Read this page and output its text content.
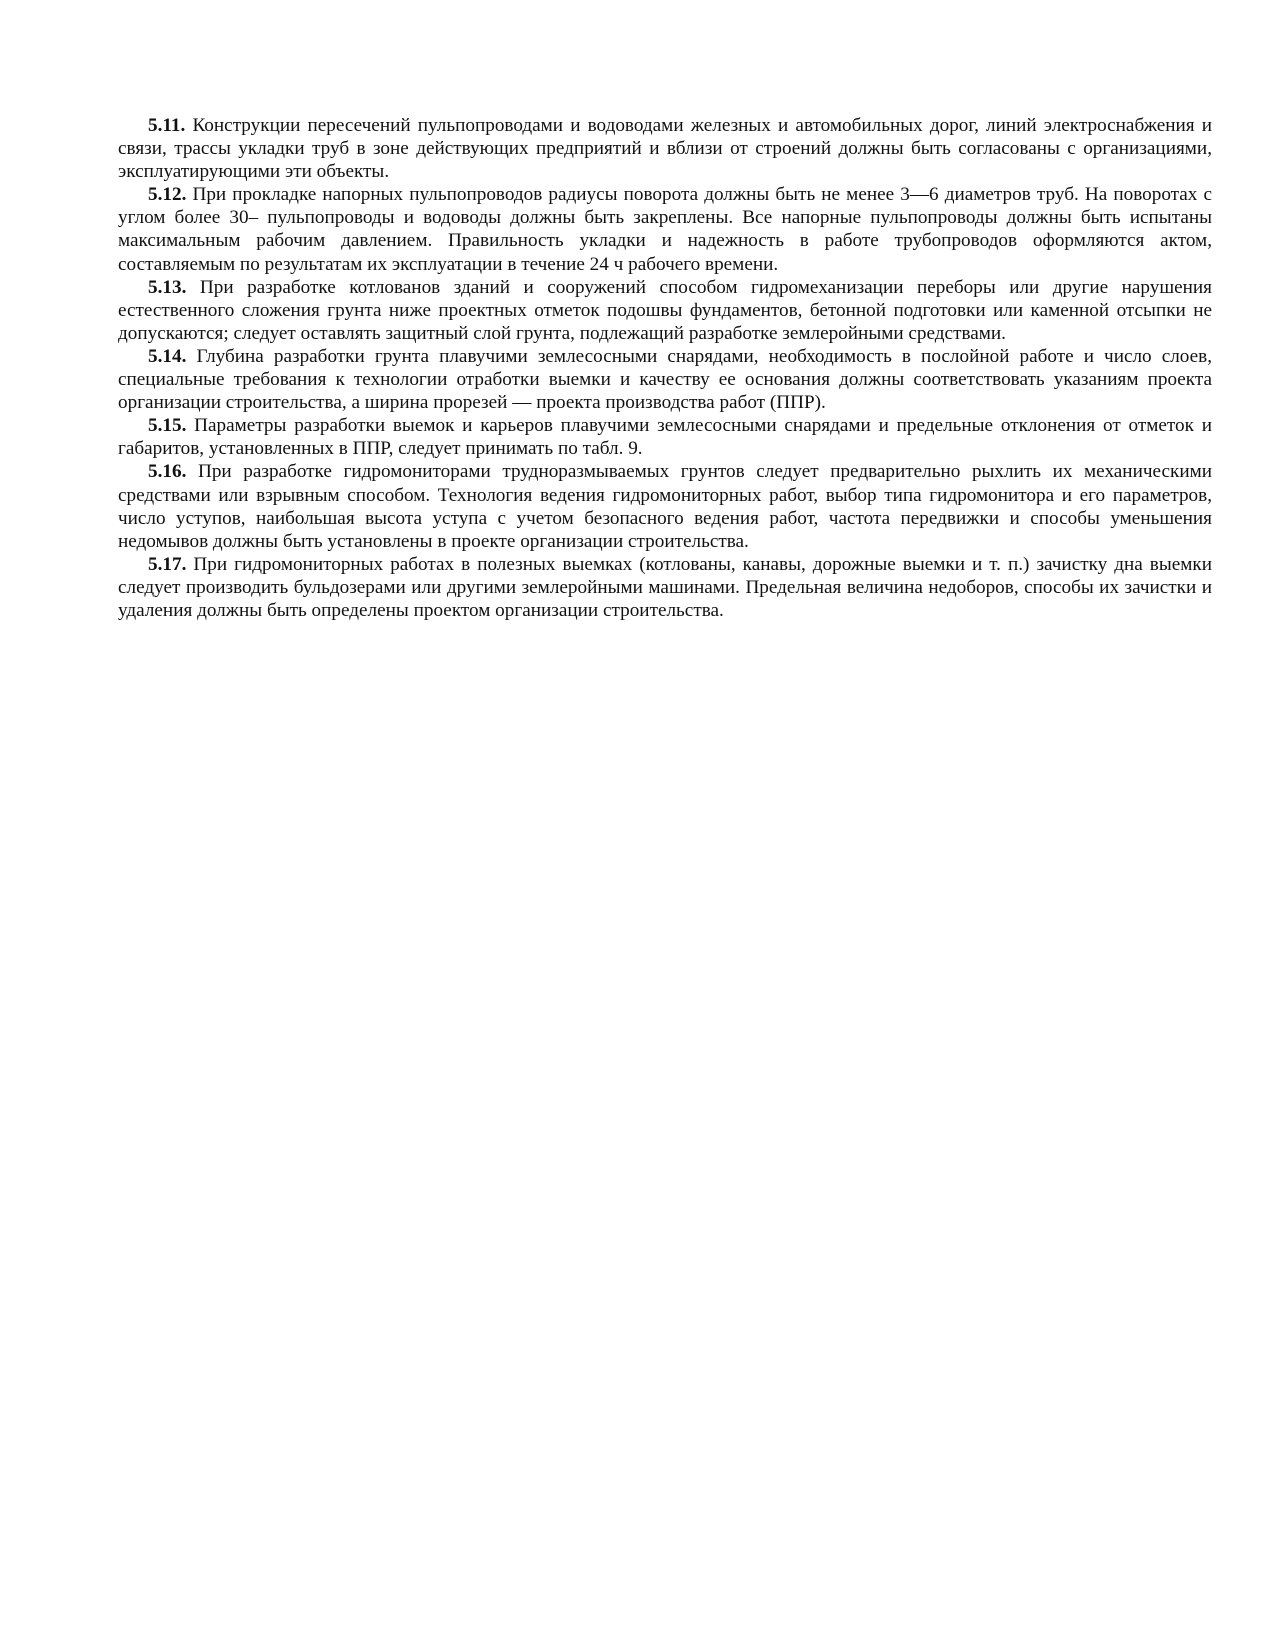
5.11. Конструкции пересечений пульпопроводами и водоводами железных и автомобильных дорог, линий электроснабжения и связи, трассы укладки труб в зоне действующих предприятий и вблизи от строений должны быть согласованы с организациями, эксплуатирующими эти объекты.

5.12. При прокладке напорных пульпопроводов радиусы поворота должны быть не менее 3—6 диаметров труб. На поворотах с углом более 30– пульпопроводы и водоводы должны быть закреплены. Все напорные пульпопроводы должны быть испытаны максимальным рабочим давлением. Правильность укладки и надежность в работе трубопроводов оформляются актом, составляемым по результатам их эксплуатации в течение 24 ч рабочего времени.

5.13. При разработке котлованов зданий и сооружений способом гидромеханизации переборы или другие нарушения естественного сложения грунта ниже проектных отметок подошвы фундаментов, бетонной подготовки или каменной отсыпки не допускаются; следует оставлять защитный слой грунта, подлежащий разработке землеройными средствами.

5.14. Глубина разработки грунта плавучими землесосными снарядами, необходимость в послойной работе и число слоев, специальные требования к технологии отработки выемки и качеству ее основания должны соответствовать указаниям проекта организации строительства, а ширина прорезей — проекта производства работ (ППР).

5.15. Параметры разработки выемок и карьеров плавучими землесосными снарядами и предельные отклонения от отметок и габаритов, установленных в ППР, следует принимать по табл. 9.

5.16. При разработке гидромониторами трудноразмываемых грунтов следует предварительно рыхлить их механическими средствами или взрывным способом. Технология ведения гидромониторных работ, выбор типа гидромонитора и его параметров, число уступов, наибольшая высота уступа с учетом безопасного ведения работ, частота передвижки и способы уменьшения недомывов должны быть установлены в проекте организации строительства.

5.17. При гидромониторных работах в полезных выемках (котлованы, канавы, дорожные выемки и т. п.) зачистку дна выемки следует производить бульдозерами или другими землеройными машинами. Предельная величина недоборов, способы их зачистки и удаления должны быть определены проектом организации строительства.
